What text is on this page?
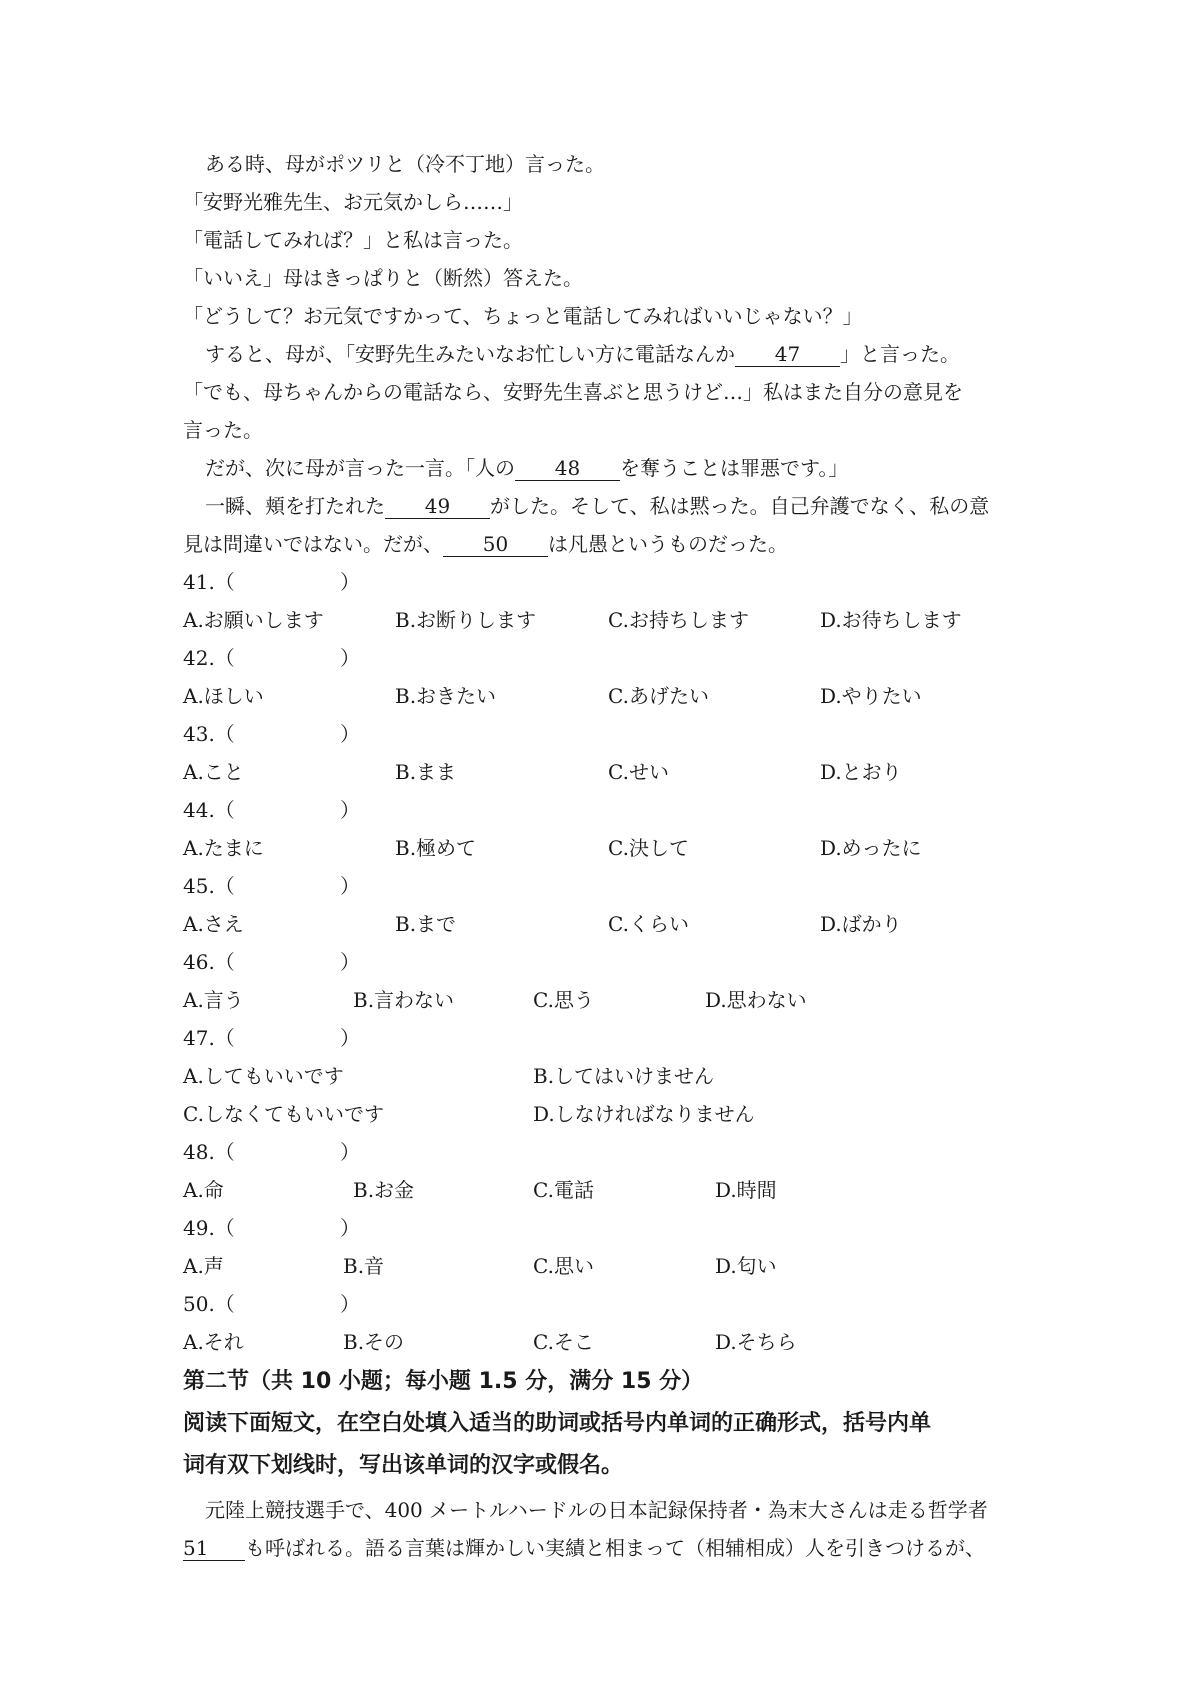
ある時、母がポツリと（冷不丁地）言った。
「安野光雅先生、お元気かしら……」
「電話してみれば？」と私は言った。
「いいえ」母はきっぱりと（断然）答えた。
「どうして？お元気ですかって、ちょっと電話してみればいいじゃない？」
すると、母が、「安野先生みたいなお忙しい方に電話なんか 47 」と言った。
「でも、母ちゃんからの電話なら、安野先生喜ぶと思うけど…」私はまた自分の意見を
言った。
だが、次に母が言った一言。「人の 48 を奪うことは罪悪です。」
一瞬、頬を打たれた 49 がした。そして、私は黙った。自己弁護でなく、私の意
見は問違いではない。だが、 50 は凡愚というものだった。
41.（	）
A.お願いします	B.お断りします	C.お持ちします	D.お待ちします
42.（	）
A.ほしい	B.おきたい	C.あげたい	D.やりたい
43.（	）
A.こと	B.まま	C.せい	D.とおり
44.（	）
A.たまに	B.極めて	C.決して	D.めったに
45.（	）
A.さえ	B.まで	C.くらい	D.ばかり
46.（	）
A.言う	B.言わない	C.思う	D.思わない
47.（	）
A.してもいいです	B.してはいけません
C.しなくてもいいです	D.しなければなりません
48.（	）
A.命	B.お金	C.電話	D.時間
49.（	）
A.声	B.音	C.思い	D.匂い
50.（	）
A.それ	B.その	C.そこ	D.そちら
第二节（共 10 小题；每小题 1.5 分，满分 15 分）
阅读下面短文，在空白处填入适当的助词或括号内单词的正确形式，括号内单
词有双下划线时，写出该单词的汉字或假名。
元陸上競技選手で、400 メートルハードルの日本記録保持者・為末大さんは走る哲学者
51 も呼ばれる。語る言葉は輝かしい実績と相まって（相辅相成）人を引きつけるが、
